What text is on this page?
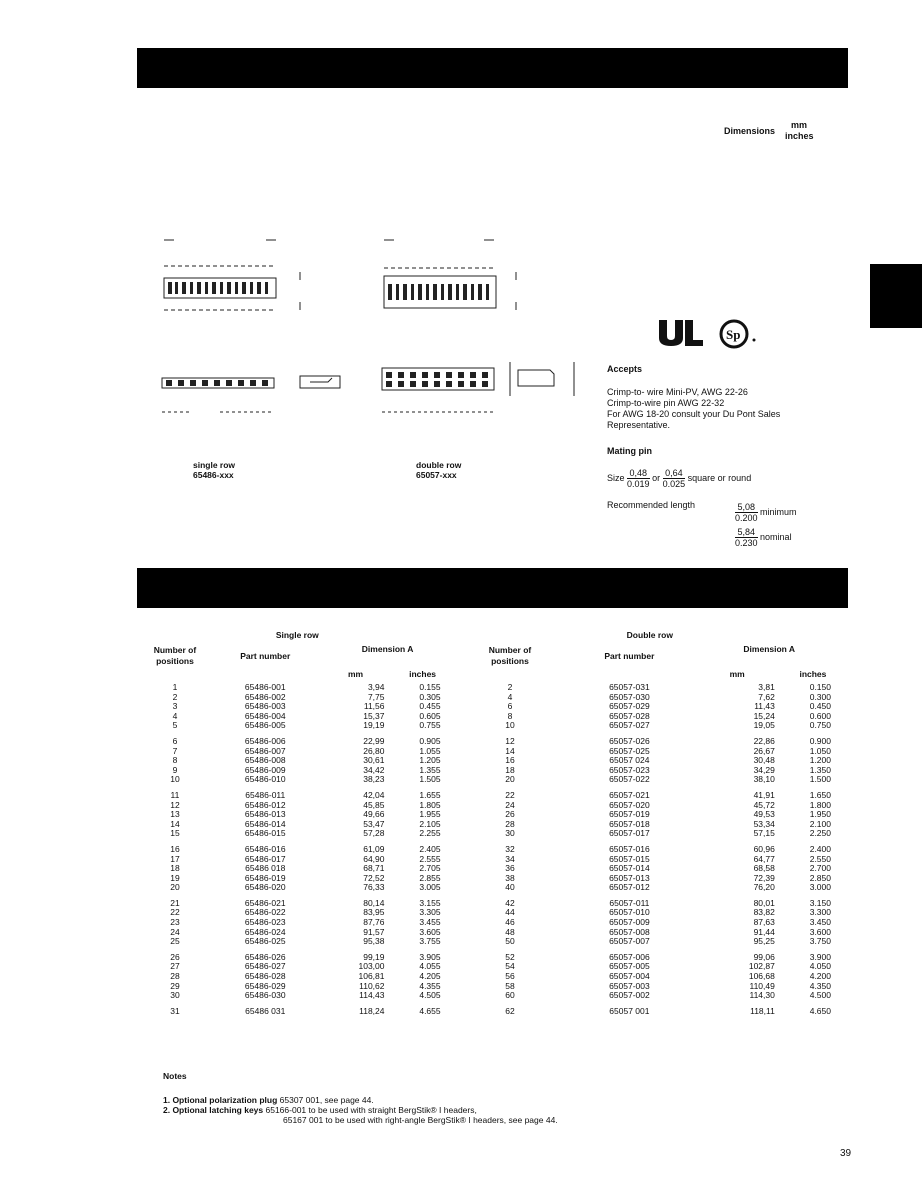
Dimensions
mm
inches
single row
65486-xxx
double row
65057-xxx
Sp
Accepts
Crimp-to- wire Mini-PV, AWG 22-26
Crimp-to-wire pin AWG 22-32
For AWG 18-20 consult your Du Pont Sales
Representative.
Mating pin
Size $\frac{0,48}{0.019}$ or $\frac{0,64}{0.025}$ square or round
Recommended length	$\frac{5,08}{0.200}$ minimum
$\frac{5,84}{0.230}$ nominal
Single row				Double row			
Number of positions	Part number	Dimension A		Number of positions	Part number	Dimension A	
		mm	inches			mm	inches
1	65486-001	3,94	0.155	2	65057-031	3,81	0.150
2	65486-002	7,75	0.305	4	65057-030	7,62	0.300
3	65486-003	11,56	0.455	6	65057-029	11,43	0.450
4	65486-004	15,37	0.605	8	65057-028	15,24	0.600
5	65486-005	19,19	0.755	10	65057-027	19,05	0.750
6	65486-006	22,99	0.905	12	65057-026	22,86	0.900
7	65486-007	26,80	1.055	14	65057-025	26,67	1.050
8	65486-008	30,61	1.205	16	65057 024	30,48	1.200
9	65486-009	34,42	1.355	18	65057-023	34,29	1.350
10	65486-010	38,23	1.505	20	65057-022	38,10	1.500
11	65486-011	42,04	1.655	22	65057-021	41,91	1.650
12	65486-012	45,85	1.805	24	65057-020	45,72	1.800
13	65486-013	49,66	1.955	26	65057-019	49,53	1.950
14	65486-014	53,47	2.105	28	65057-018	53,34	2.100
15	65486-015	57,28	2.255	30	65057-017	57,15	2.250
16	65486-016	61,09	2.405	32	65057-016	60,96	2.400
17	65486-017	64,90	2.555	34	65057-015	64,77	2.550
18	65486 018	68,71	2.705	36	65057-014	68,58	2.700
19	65486-019	72,52	2.855	38	65057-013	72,39	2.850
20	65486-020	76,33	3.005	40	65057-012	76,20	3.000
21	65486-021	80,14	3.155	42	65057-011	80,01	3.150
22	65486-022	83,95	3.305	44	65057-010	83,82	3.300
23	65486-023	87,76	3.455	46	65057-009	87,63	3.450
24	65486-024	91,57	3.605	48	65057-008	91,44	3.600
25	65486-025	95,38	3.755	50	65057-007	95,25	3.750
26	65486-026	99,19	3.905	52	65057-006	99,06	3.900
27	65486-027	103,00	4.055	54	65057-005	102,87	4.050
28	65486-028	106,81	4.205	56	65057-004	106,68	4.200
29	65486-029	110,62	4.355	58	65057-003	110,49	4.350
30	65486-030	114,43	4.505	60	65057-002	114,30	4.500
31	65486 031	118,24	4.655	62	65057 001	118,11	4.650
Notes
1. Optional polarization plug 65307 001, see page 44.
2. Optional latching keys 65166-001 to be used with straight BergStik® I headers,
65167 001 to be used with right-angle BergStik® I headers, see page 44.
39
